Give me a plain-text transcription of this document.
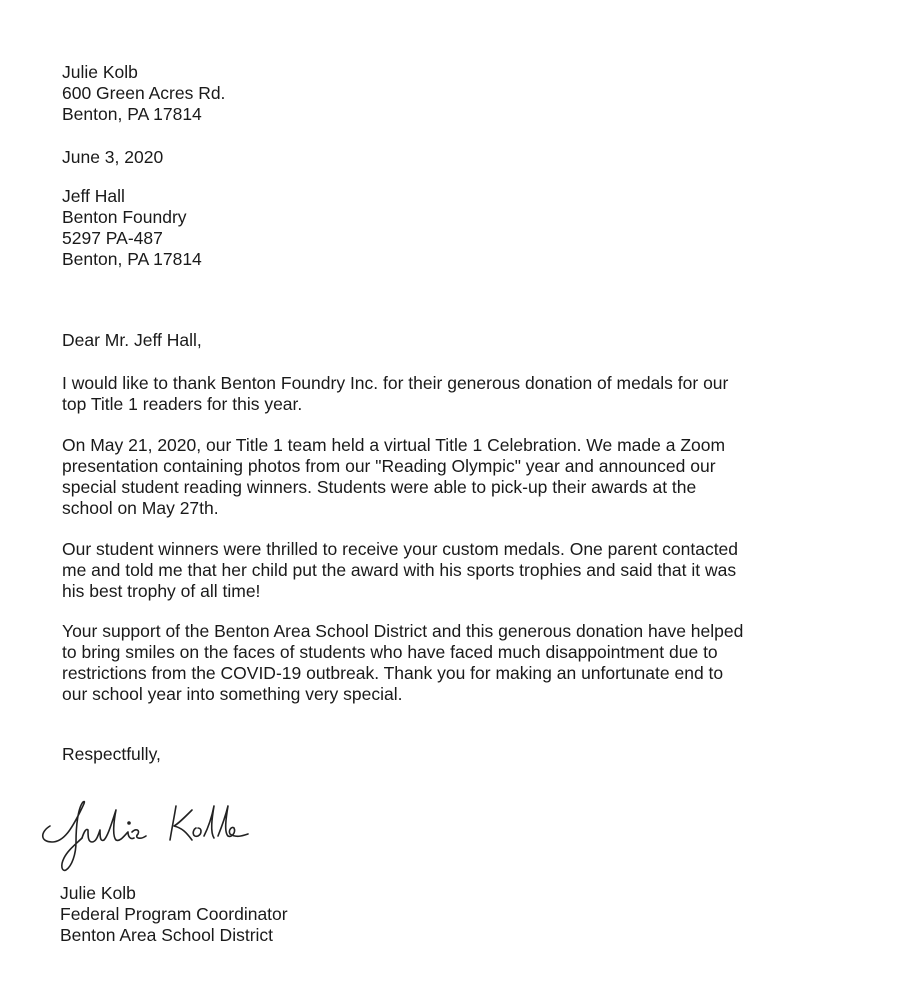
Julie Kolb
600 Green Acres Rd.
Benton, PA 17814
June 3, 2020
Jeff Hall
Benton Foundry
5297 PA-487
Benton, PA 17814
Dear Mr. Jeff Hall,
I would like to thank Benton Foundry Inc. for their generous donation of medals for our
top Title 1 readers for this year.
On May 21, 2020, our Title 1 team held a virtual Title 1 Celebration. We made a Zoom
presentation containing photos from our "Reading Olympic" year and announced our
special student reading winners. Students were able to pick-up their awards at the
school on May 27th.
Our student winners were thrilled to receive your custom medals. One parent contacted
me and told me that her child put the award with his sports trophies and said that it was
his best trophy of all time!
Your support of the Benton Area School District and this generous donation have helped
to bring smiles on the faces of students who have faced much disappointment due to
restrictions from the COVID-19 outbreak. Thank you for making an unfortunate end to
our school year into something very special.
Respectfully,
Julie Kolb
Federal Program Coordinator
Benton Area School District
